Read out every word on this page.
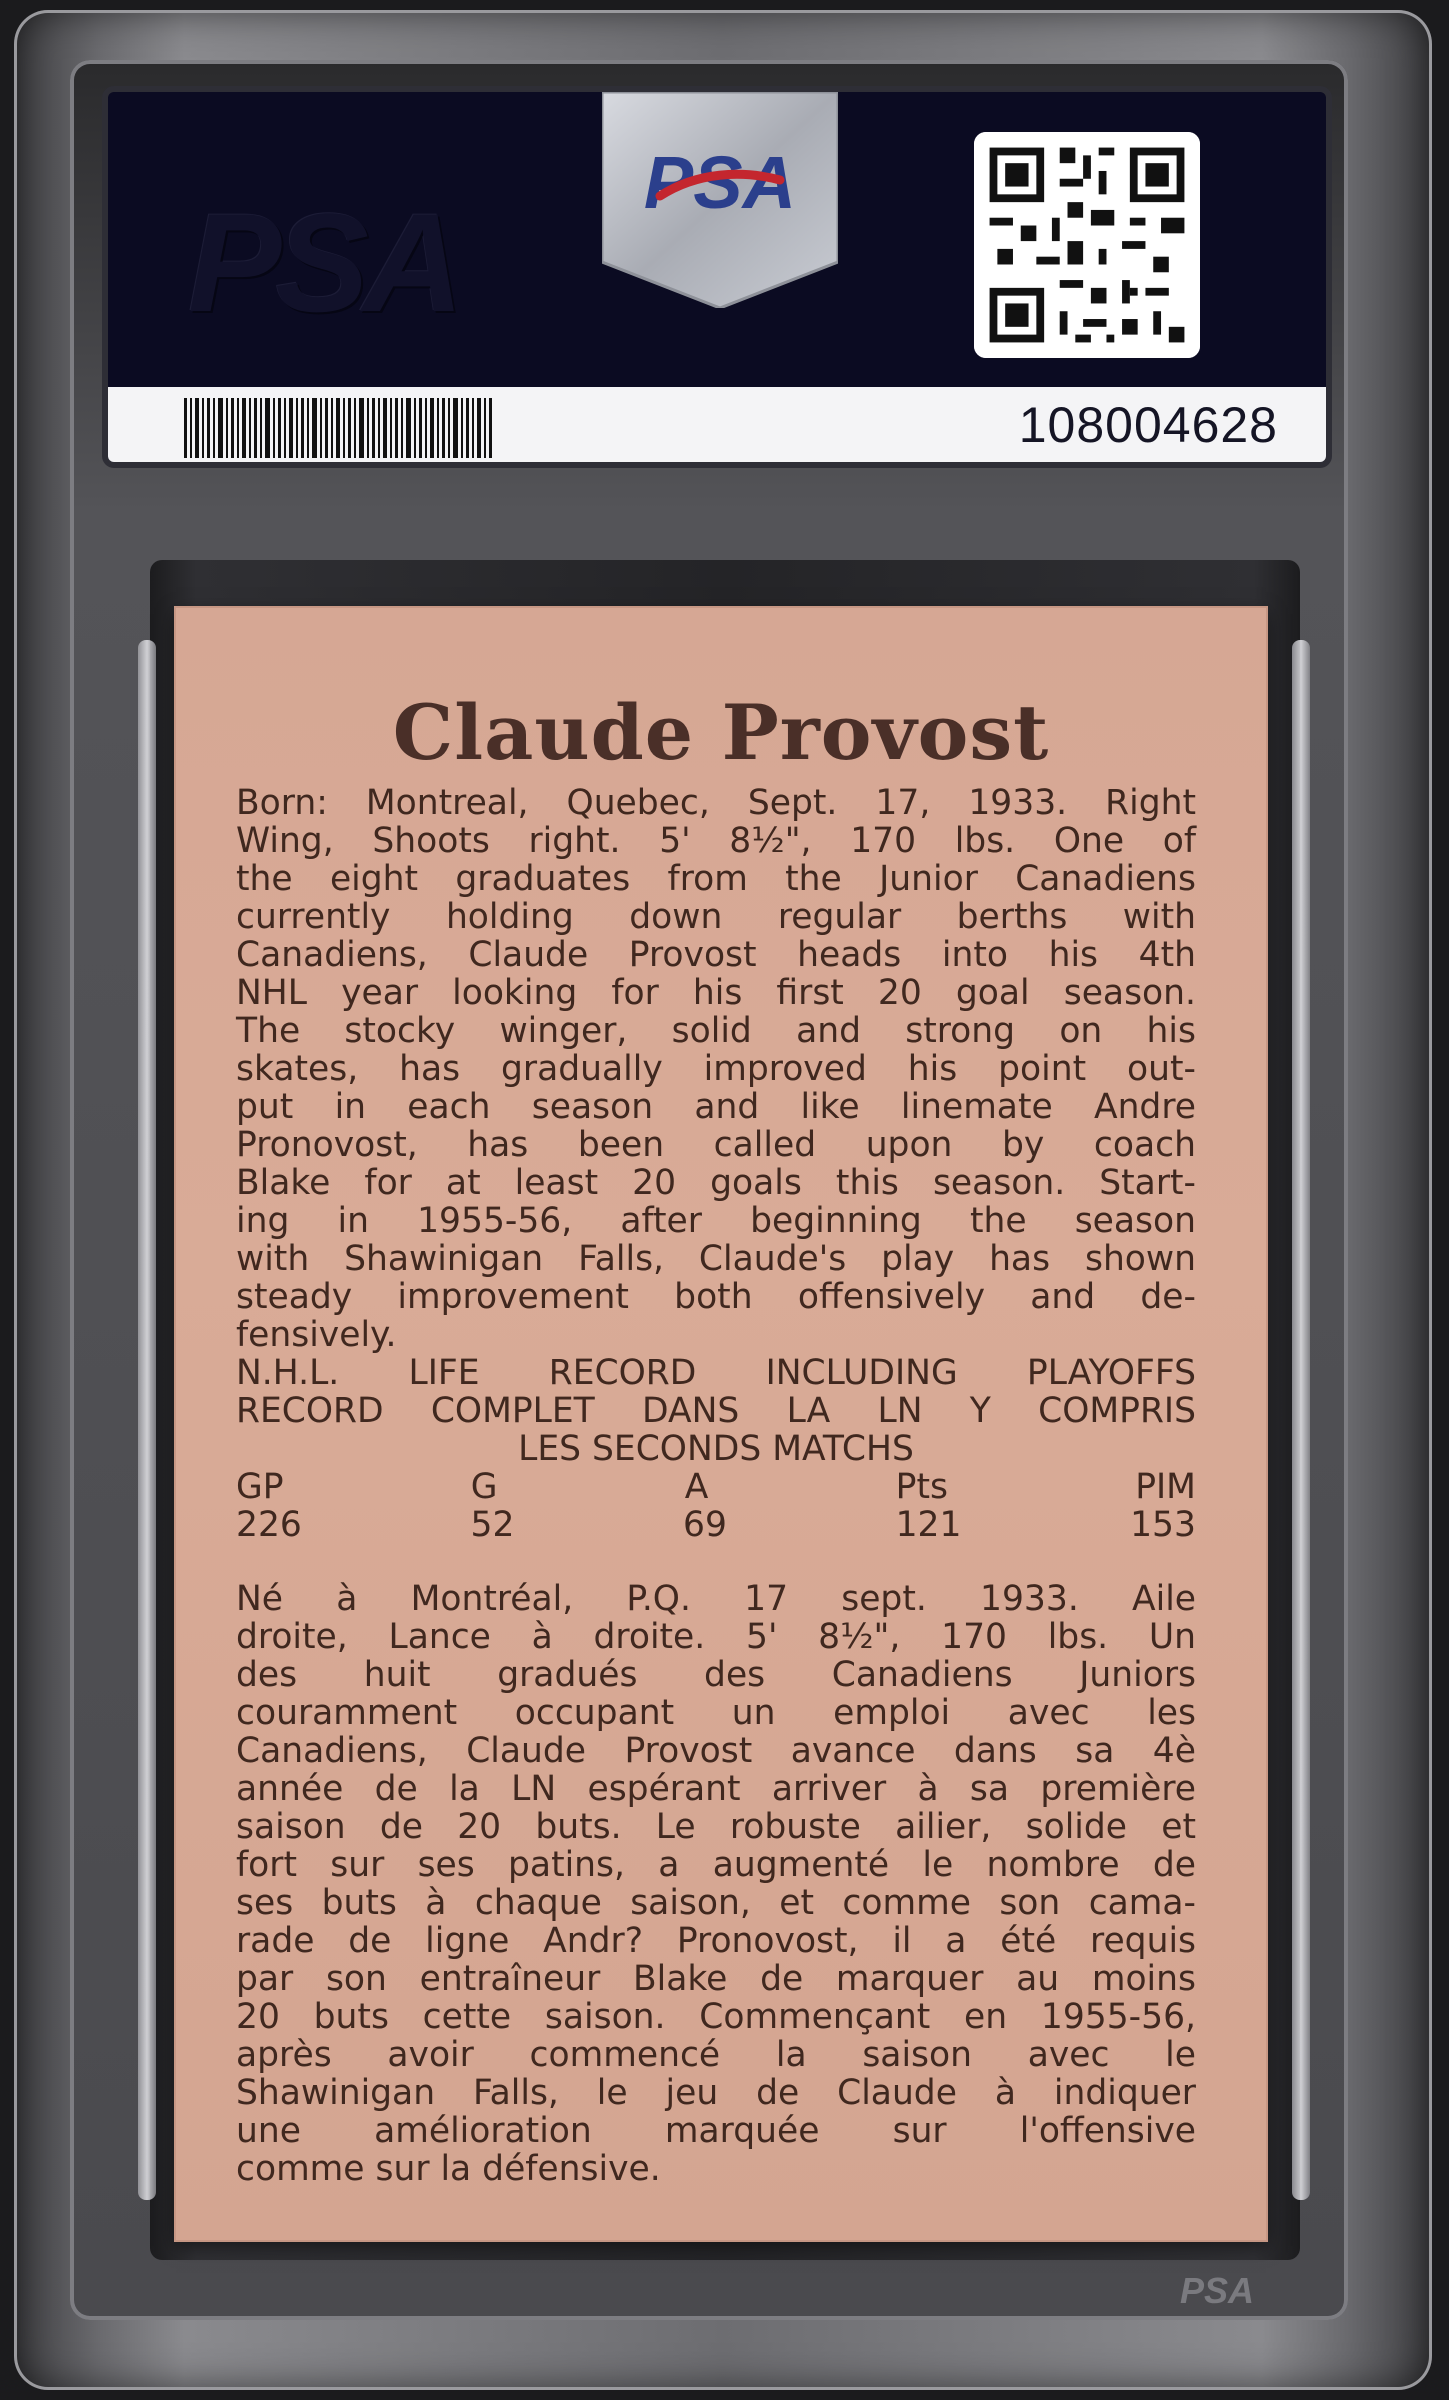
PSA
PSA
108004628
Claude Provost
Born: Montreal, Quebec, Sept. 17, 1933. Right
Wing, Shoots right. 5' 8½", 170 lbs. One of
the eight graduates from the Junior Canadiens
currently holding down regular berths with
Canadiens, Claude Provost heads into his 4th
NHL year looking for his first 20 goal season.
The stocky winger, solid and strong on his
skates, has gradually improved his point out-
put in each season and like linemate Andre
Pronovost, has been called upon by coach
Blake for at least 20 goals this season. Start-
ing in 1955-56, after beginning the season
with Shawinigan Falls, Claude's play has shown
steady improvement both offensively and de-
fensively.
N.H.L. LIFE RECORD INCLUDING PLAYOFFS
RECORD COMPLET DANS LA LN Y COMPRIS
LES SECONDS MATCHS
GP	G	A	Pts	PIM
226	52	69	121	153
Né à Montréal, P.Q. 17 sept. 1933. Aile
droite, Lance à droite. 5' 8½", 170 lbs. Un
des huit gradués des Canadiens Juniors
couramment occupant un emploi avec les
Canadiens, Claude Provost avance dans sa 4è
année de la LN espérant arriver à sa première
saison de 20 buts. Le robuste ailier, solide et
fort sur ses patins, a augmenté le nombre de
ses buts à chaque saison, et comme son cama-
rade de ligne Andr? Pronovost, il a été requis
par son entraîneur Blake de marquer au moins
20 buts cette saison. Commençant en 1955-56,
après avoir commencé la saison avec le
Shawinigan Falls, le jeu de Claude à indiquer
une amélioration marquée sur l'offensive
comme sur la défensive.
PSA
